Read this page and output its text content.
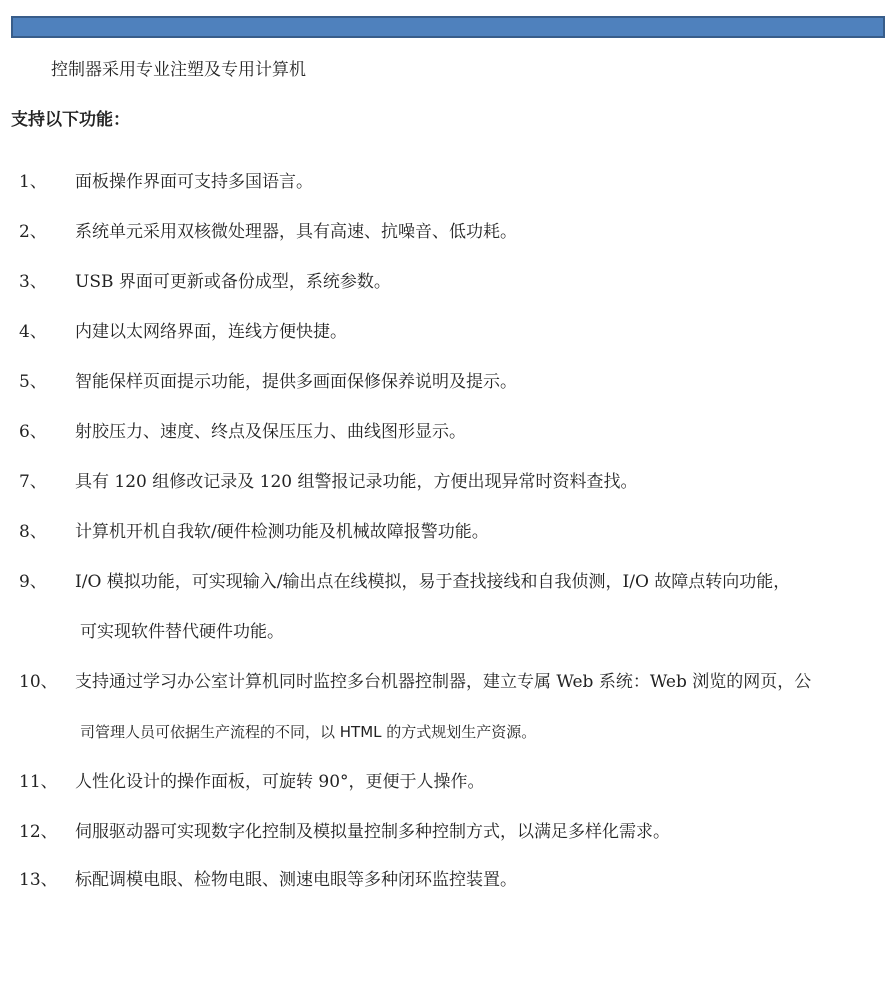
控制器采用专业注塑及专用计算机
支持以下功能：
1、 面板操作界面可支持多国语言。
2、 系统单元采用双核微处理器，具有高速、抗噪音、低功耗。
3、 USB 界面可更新或备份成型，系统参数。
4、 内建以太网络界面，连线方便快捷。
5、 智能保样页面提示功能，提供多画面保修保养说明及提示。
6、 射胶压力、速度、终点及保压压力、曲线图形显示。
7、 具有 120 组修改记录及 120 组警报记录功能，方便出现异常时资料查找。
8、 计算机开机自我软/硬件检测功能及机械故障报警功能。
9、 I/O 模拟功能，可实现输入/输出点在线模拟，易于查找接线和自我侦测，I/O 故障点转向功能，
可实现软件替代硬件功能。
10、 支持通过学习办公室计算机同时监控多台机器控制器，建立专属 Web 系统：Web 浏览的网页，公
司管理人员可依据生产流程的不同，以 HTML 的方式规划生产资源。
11、 人性化设计的操作面板，可旋转 90°，更便于人操作。
12、 伺服驱动器可实现数字化控制及模拟量控制多种控制方式，以满足多样化需求。
13、 标配调模电眼、检物电眼、测速电眼等多种闭环监控装置。
